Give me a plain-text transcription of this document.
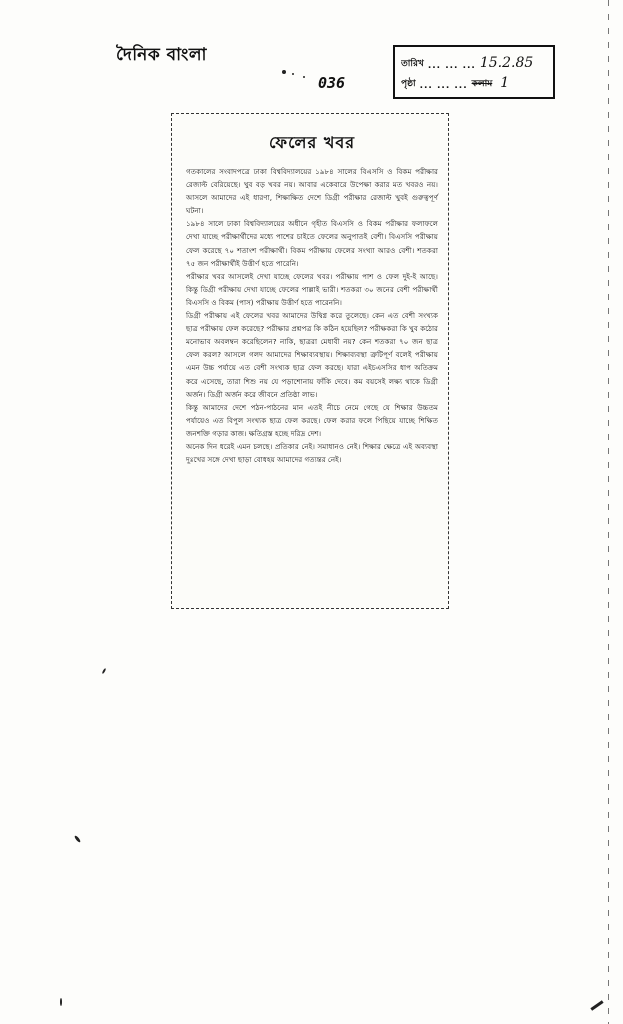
দৈনিক বাংলা
036
তারিখ ... ... ... 15.2.85
পৃষ্ঠা ... ... ... কলাম 1
ফেলের খবর

গতকালের সংবাদপত্রে ঢাকা বিশ্ববিদ্যালয়ের ১৯৮৪ সালের বিএসসি ও বিকম পরীক্ষার রেজাল্ট বেরিয়েছে। খুব বড় খবর নয়। আবার একেবারে উপেক্ষা করার মত খবরও নয়। আসলে আমাদের এই ধারণা, শিক্ষাক্ষিত দেশে ডিগ্রী পরীক্ষার রেজাল্ট খুবই গুরুত্বপূর্ণ ঘটনা।

১৯৮৪ সালে ঢাকা বিশ্ববিদ্যালয়ের অধীনে গৃহীত বিএসসি ও বিকম পরীক্ষার ফলাফলে দেখা যাচ্ছে পরীক্ষার্থীদের মধ্যে পাশের চাইতে ফেলের অনুপাতই বেশী। বিএসসি পরীক্ষায় ফেল করেছে ৭০ শতাংশ পরীক্ষার্থী। বিকম পরীক্ষায় ফেলের সংখ্যা আরও বেশী। শতকরা ৭৫ জন পরীক্ষার্থীই উত্তীর্ণ হতে পারেনি।

পরীক্ষার খবর আসলেই দেখা যাচ্ছে ফেলের খবর। পরীক্ষায় পাশ ও ফেল দুই-ই আছে। কিন্তু ডিগ্রী পরীক্ষায় দেখা যাচ্ছে ফেলের পাল্লাই ভারী। শতকরা ৩০ জনের বেশী পরীক্ষার্থী বিএসসি ও বিকম (পাস) পরীক্ষায় উত্তীর্ণ হতে পারেননি।

ডিগ্রী পরীক্ষায় এই ফেলের খবর আমাদের উদ্বিগ্ন করে তুলেছে। কেন এত বেশী সংখ্যক ছাত্র পরীক্ষায় ফেল করেছে? পরীক্ষার প্রশ্নপত্র কি কঠিন হয়েছিল? পরীক্ষকরা কি খুব কঠোর মনোভাব অবলম্বন করেছিলেন? নাকি, ছাত্ররা মেধাবী নয়? কেন শতকরা ৭০ জন ছাত্র ফেল করল? আসলে গলদ আমাদের শিক্ষাব্যবস্থায়। শিক্ষাব্যবস্থা ত্রুটিপূর্ণ বলেই পরীক্ষায় এমন উচ্চ পর্যায়ে এত বেশী সংখ্যক ছাত্র ফেল করছে। যারা এইচএসসির ধাপ অতিক্রম করে এসেছে, তারা শিশু নয় যে পড়াশোনায় ফাঁকি দেবে। কম বয়সেই লক্ষ্য থাকে ডিগ্রী অর্জন। ডিগ্রী অর্জন করে জীবনে প্রতিষ্ঠা লাভ।

কিন্তু আমাদের দেশে পঠন-পাঠনের মান এতই নীচে নেমে গেছে যে শিক্ষার উচ্চতম পর্যায়েও এত বিপুল সংখ্যক ছাত্র ফেল করছে। ফেল করার ফলে পিছিয়ে যাচ্ছে শিক্ষিত জনশক্তি গড়ার কাজ। ক্ষতিগ্রস্ত হচ্ছে দরিদ্র দেশ।

অনেক দিন ধরেই এমন চলছে। প্রতিকার নেই। সমাধানও নেই। শিক্ষার ক্ষেত্রে এই অব্যবস্থা দুঃখের সঙ্গে দেখা ছাড়া বোধহয় আমাদের গত্যন্তর নেই।
